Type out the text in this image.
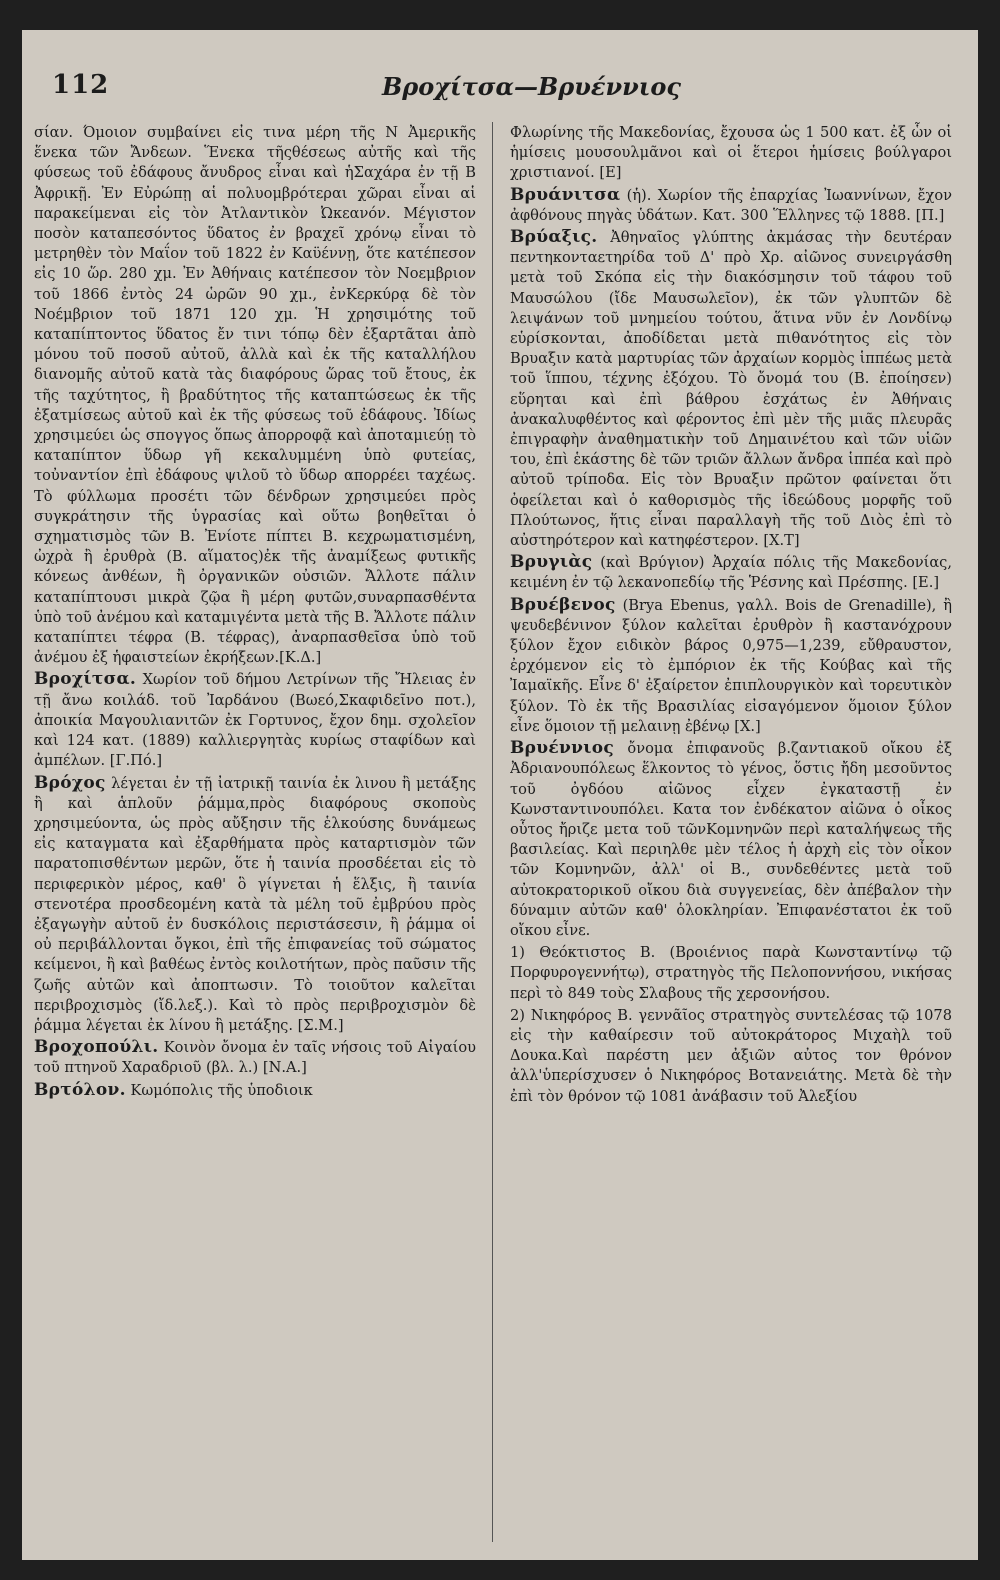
112	Βροχίτσα—Βρυέννιος

σίαν. Όμοιον συμβαίνει εἰς τινα μέρη τῆς Ν Ἀμερικῆς ἕνεκα τῶν Ἄνδεων. Ἕνεκα τῆςθέσεως αὐτῆς καὶ τῆς φύσεως τοῦ ἐδάφους ἄνυδρος εἶναι καὶ ἡΣαχάρα ἐν τῇ Β Ἀφρικῇ. Ἐν Εὐρώπῃ αἱ πολυομβρότεραι χῶραι εἶναι αἱ παρακείμεναι εἰς τὸν Ἀτλαντικὸν Ὠκεανόν. Μέγιστον ποσὸν καταπεσόντος ὕδατος ἐν βραχεῖ χρόνῳ εἶναι τὸ μετρηθὲν τὸν Μαΐον τοῦ 1822 ἐν Καϋέννῃ, ὅτε κατέπεσον εἰς 10 ὥρ. 280 χμ. Ἐν Ἀθήναις κατέπεσον τὸν Νοεμβριον τοῦ 1866 ἐντὸς 24 ὡρῶν 90 χμ., ἐνΚερκύρᾳ δὲ τὸν Νοέμβριον τοῦ 1871 120 χμ. Ἡ χρησιμότης τοῦ καταπίπτοντος ὕδατος ἔν τινι τόπῳ δὲν ἐξαρτᾶται ἀπὸ μόνου τοῦ ποσοῦ αὐτοῦ, ἀλλὰ καὶ ἐκ τῆς καταλλήλου διανομῆς αὐτοῦ κατὰ τὰς διαφόρους ὥρας τοῦ ἔτους, ἐκ τῆς ταχύτητος, ἢ βραδύτητος τῆς καταπτώσεως ἐκ τῆς ἐξατμίσεως αὐτοῦ καὶ ἐκ τῆς φύσεως τοῦ ἐδάφους. Ἰδίως χρησιμεύει ὡς σπογγος ὅπως ἀπορροφᾷ καὶ ἀποταμιεύῃ τὸ καταπίπτον ὕδωρ γῆ κεκαλυμμένη ὑπὸ φυτείας, τοὐναντίον ἐπὶ ἐδάφους ψιλοῦ τὸ ὕδωρ απορρέει ταχέως. Τὸ φύλλωμα προσέτι τῶν δένδρων χρησιμεύει πρὸς συγκράτησιν τῆς ὑγρασίας καὶ οὕτω βοηθεῖται ὁ σχηματισμὸς τῶν Β. Ἐνίοτε πίπτει Β. κεχρωματισμένη, ὠχρὰ ἢ ἐρυθρὰ (Β. αἵματος)ἐκ τῆς ἀναμίξεως φυτικῆς κόνεως ἀνθέων, ἢ ὀργανικῶν οὐσιῶν. Ἄλλοτε πάλιν καταπίπτουσι μικρὰ ζῷα ἢ μέρη φυτῶν,συναρπασθέντα ὑπὸ τοῦ ἀνέμου καὶ καταμιγέντα μετὰ τῆς Β. Ἄλλοτε πάλιν καταπίπτει τέφρα (Β. τέφρας), ἀναρπασθεῖσα ὑπὸ τοῦ ἀνέμου ἐξ ἡφαιστείων ἐκρήξεων.[Κ.Δ.]

Βροχίτσα. Χωρίον τοῦ δήμου Λετρίνων τῆς Ἤλειας ἐν τῇ ἄνω κοιλάδ. τοῦ Ἰαρδάνου (Βωεό,Σκαφιδεῖνο ποτ.), ἀποικία Μαγουλιανιτῶν ἐκ Γορτυνος, ἔχον δημ. σχολεῖον καὶ 124 κατ. (1889) καλλιεργητὰς κυρίως σταφίδων καὶ ἀμπέλων. [Γ.Πό.]

Βρόχος λέγεται ἐν τῇ ἰατρικῇ ταινία ἐκ λινου ἢ μετάξης ἢ καὶ ἁπλοῦν ῥάμμα,πρὸς διαφόρους σκοποὺς χρησιμεύοντα, ὡς πρὸς αὔξησιν τῆς ἑλκούσης δυνάμεως εἰς καταγματα καὶ ἐξαρθήματα πρὸς καταρτισμὸν τῶν παρατοπισθέντων μερῶν, ὅτε ἡ ταινία προσδέεται εἰς τὸ περιφερικὸν μέρος, καθ' ὃ γίγνεται ἡ ἕλξις, ἢ ταινία στενοτέρα προσδεομένη κατὰ τὰ μέλη τοῦ ἐμβρύου πρὸς ἐξαγωγὴν αὐτοῦ ἐν δυσκόλοις περιστάσεσιν, ἢ ῥάμμα οἱ οὐ περιβάλλονται ὄγκοι, ἐπὶ τῆς ἐπιφανείας τοῦ σώματος κείμενοι, ἢ καὶ βαθέως ἐντὸς κοιλοτήτων, πρὸς παῦσιν τῆς ζωῆς αὐτῶν καὶ ἀποπτωσιν. Τὸ τοιοῦτον καλεῖται περιβροχισμὸς (ἴδ.λεξ.). Καὶ τὸ πρὸς περιβροχισμὸν δὲ ῥάμμα λέγεται ἐκ λίνου ἢ μετάξης. [Σ.Μ.]

Βροχοπούλι. Κοινὸν ὄνομα ἐν ταῖς νήσοις τοῦ Αἰγαίου τοῦ πτηνοῦ Χαραδριοῦ (βλ. λ.) [Ν.Α.]

Βρτόλον. Κωμόπολις τῆς ὑποδιοικ

Φλωρίνης τῆς Μακεδονίας, ἔχουσα ὡς 1 500 κατ. ἐξ ὧν οἱ ἡμίσεις μουσουλμᾶνοι καὶ οἱ ἕτεροι ἡμίσεις βούλγαροι χριστιανοί. [Ε]

Βρυάνιτσα (ἡ). Χωρίον τῆς ἐπαρχίας Ἰωαννίνων, ἔχον ἀφθόνους πηγὰς ὑδάτων. Κατ. 300 Ἕλληνες τῷ 1888. [Π.]

Βρύαξις. Ἀθηναῖος γλύπτης ἀκμάσας τὴν δευτέραν πεντηκονταετηρίδα τοῦ Δ' πρὸ Χρ. αἰῶνος συνειργάσθη μετὰ τοῦ Σκόπα εἰς τὴν διακόσμησιν τοῦ τάφου τοῦ Μαυσώλου (ἴδε Μαυσωλεῖον), ἐκ τῶν γλυπτῶν δὲ λειψάνων τοῦ μνημείου τούτου, ἅτινα νῦν ἐν Λονδίνῳ εὑρίσκονται, ἀποδίδεται μετὰ πιθανότητος εἰς τὸν Βρυαξιν κατὰ μαρτυρίας τῶν ἀρχαίων κορμὸς ἱππέως μετὰ τοῦ ἵππου, τέχνης ἐξόχου. Τὸ ὄνομά του (Β. ἐποίησεν) εὕρηται καὶ ἐπὶ βάθρου ἐσχάτως ἐν Ἀθήναις ἀνακαλυφθέντος καὶ φέροντος ἐπὶ μὲν τῆς μιᾶς πλευρᾶς ἐπιγραφὴν ἀναθηματικὴν τοῦ Δημαινέτου καὶ τῶν υἱῶν του, ἐπὶ ἑκάστης δὲ τῶν τριῶν ἄλλων ἄνδρα ἱππέα καὶ πρὸ αὐτοῦ τρίποδα. Εἰς τὸν Βρυαξιν πρῶτον φαίνεται ὅτι ὀφείλεται καὶ ὁ καθορισμὸς τῆς ἰδεώδους μορφῆς τοῦ Πλούτωνος, ἥτις εἶναι παραλλαγὴ τῆς τοῦ Διὸς ἐπὶ τὸ αὐστηρότερον καὶ κατηφέστερον. [Χ.Τ]

Βρυγιὰς (καὶ Βρύγιον) Ἀρχαία πόλις τῆς Μακεδονίας, κειμένη ἐν τῷ λεκανοπεδίῳ τῆς Ῥέσνης καὶ Πρέσπης. [Ε.]

Βρυέβενος (Brya Ebenus, γαλλ. Bois de Grenadille), ἢ ψευδεβένινον ξύλον καλεῖται ἐρυθρὸν ἢ καστανόχρουν ξύλον ἔχον ειδικὸν βάρος 0,975—1,239, εὔθραυστον, ἐρχόμενον εἰς τὸ ἐμπόριον ἐκ τῆς Κούβας καὶ τῆς Ἰαμαϊκῆς. Εἶνε δ' ἐξαίρετον ἐπιπλουργικὸν καὶ τορευτικὸν ξύλον. Τὸ ἐκ τῆς Βρασιλίας εἰσαγόμενον ὅμοιον ξύλον εἶνε ὅμοιον τῇ μελαινῃ ἐβένῳ [Χ.]

Βρυέννιος ὄνομα ἐπιφανοῦς β.ζαντιακοῦ οἴκου ἐξ Ἀδριανουπόλεως ἕλκοντος τὸ γένος, ὅστις ἤδη μεσοῦντος τοῦ ὀγδόου αἰῶνος εἶχεν ἐγκαταστῇ ἐν Κωνσταντινουπόλει. Κατα τον ἐνδέκατον αἰῶνα ὁ οἶκος οὗτος ἤριζε μετα τοῦ τῶνΚομνηνῶν περὶ καταλήψεως τῆς βασιλείας. Καὶ περιηλθε μὲν τέλος ἡ ἀρχὴ εἰς τὸν οἶκον τῶν Κομνηνῶν, ἀλλ' οἱ Β., συνδεθέντες μετὰ τοῦ αὐτοκρατορικοῦ οἴκου διὰ συγγενείας, δὲν ἀπέβαλον τὴν δύναμιν αὐτῶν καθ' ὁλοκληρίαν. Ἐπιφανέστατοι ἐκ τοῦ οἴκου εἶνε.

1) Θεόκτιστος Β. (Βροιένιος παρὰ Κωνσταντίνῳ τῷ Πορφυρογεννήτῳ), στρατηγὸς τῆς Πελοποννήσου, νικήσας περὶ τὸ 849 τοὺς Σλαβους τῆς χερσονήσου.

2) Νικηφόρος Β. γεννᾶῖος στρατηγὸς συντελέσας τῷ 1078 εἰς τὴν καθαίρεσιν τοῦ αὐτοκράτορος Μιχαὴλ τοῦ Δουκα.Καὶ παρέστη μεν ἀξιῶν αὐτος τον θρόνον ἀλλ'ὑπερίσχυσεν ὁ Νικηφόρος Βοτανειάτης. Μετὰ δὲ τὴν ἐπὶ τὸν θρόνον τῷ 1081 ἀνάβασιν τοῦ Ἀλεξίου
